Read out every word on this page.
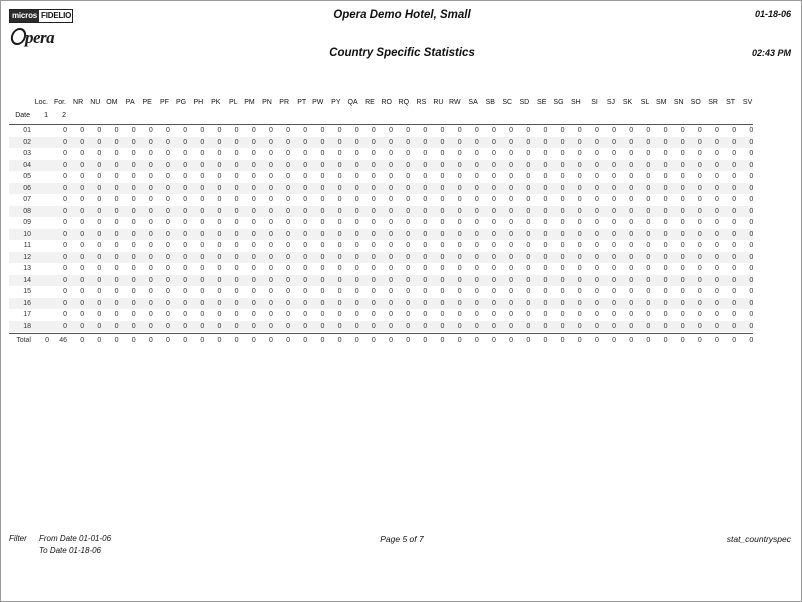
micros FIDELIO
pera
Opera Demo Hotel, Small
Country Specific Statistics
01-18-06
02:43 PM
	Loc.	For.	NR	NU	OM	PA	PE	PF	PG	PH	PK	PL	PM	PN	PR	PT	PW	PY	QA	RE	RO	RQ	RS	RU	RW	SA	SB	SC	SD	SE	SG	SH	SI	SJ	SK	SL	SM	SN	SO	SR	ST	SV
Date	1	2																																								

01		0	0	0	0	0	0	0	0	0	0	0	0	0	0	0	0	0	0	0	0	0	0	0	0	0	0	0	0	0	0	0	0	0	0	0	0	0	0	0	0	0
02		0	0	0	0	0	0	0	0	0	0	0	0	0	0	0	0	0	0	0	0	0	0	0	0	0	0	0	0	0	0	0	0	0	0	0	0	0	0	0	0	0
03		0	0	0	0	0	0	0	0	0	0	0	0	0	0	0	0	0	0	0	0	0	0	0	0	0	0	0	0	0	0	0	0	0	0	0	0	0	0	0	0	0
04		0	0	0	0	0	0	0	0	0	0	0	0	0	0	0	0	0	0	0	0	0	0	0	0	0	0	0	0	0	0	0	0	0	0	0	0	0	0	0	0	0
05		0	0	0	0	0	0	0	0	0	0	0	0	0	0	0	0	0	0	0	0	0	0	0	0	0	0	0	0	0	0	0	0	0	0	0	0	0	0	0	0	0
06		0	0	0	0	0	0	0	0	0	0	0	0	0	0	0	0	0	0	0	0	0	0	0	0	0	0	0	0	0	0	0	0	0	0	0	0	0	0	0	0	0
07		0	0	0	0	0	0	0	0	0	0	0	0	0	0	0	0	0	0	0	0	0	0	0	0	0	0	0	0	0	0	0	0	0	0	0	0	0	0	0	0	0
08		0	0	0	0	0	0	0	0	0	0	0	0	0	0	0	0	0	0	0	0	0	0	0	0	0	0	0	0	0	0	0	0	0	0	0	0	0	0	0	0	0
09		0	0	0	0	0	0	0	0	0	0	0	0	0	0	0	0	0	0	0	0	0	0	0	0	0	0	0	0	0	0	0	0	0	0	0	0	0	0	0	0	0
10		0	0	0	0	0	0	0	0	0	0	0	0	0	0	0	0	0	0	0	0	0	0	0	0	0	0	0	0	0	0	0	0	0	0	0	0	0	0	0	0	0
11		0	0	0	0	0	0	0	0	0	0	0	0	0	0	0	0	0	0	0	0	0	0	0	0	0	0	0	0	0	0	0	0	0	0	0	0	0	0	0	0	0
12		0	0	0	0	0	0	0	0	0	0	0	0	0	0	0	0	0	0	0	0	0	0	0	0	0	0	0	0	0	0	0	0	0	0	0	0	0	0	0	0	0
13		0	0	0	0	0	0	0	0	0	0	0	0	0	0	0	0	0	0	0	0	0	0	0	0	0	0	0	0	0	0	0	0	0	0	0	0	0	0	0	0	0
14		0	0	0	0	0	0	0	0	0	0	0	0	0	0	0	0	0	0	0	0	0	0	0	0	0	0	0	0	0	0	0	0	0	0	0	0	0	0	0	0	0
15		0	0	0	0	0	0	0	0	0	0	0	0	0	0	0	0	0	0	0	0	0	0	0	0	0	0	0	0	0	0	0	0	0	0	0	0	0	0	0	0	0
16		0	0	0	0	0	0	0	0	0	0	0	0	0	0	0	0	0	0	0	0	0	0	0	0	0	0	0	0	0	0	0	0	0	0	0	0	0	0	0	0	0
17		0	0	0	0	0	0	0	0	0	0	0	0	0	0	0	0	0	0	0	0	0	0	0	0	0	0	0	0	0	0	0	0	0	0	0	0	0	0	0	0	0
18		0	0	0	0	0	0	0	0	0	0	0	0	0	0	0	0	0	0	0	0	0	0	0	0	0	0	0	0	0	0	0	0	0	0	0	0	0	0	0	0	0

Total	0	46	0	0	0	0	0	0	0	0	0	0	0	0	0	0	0	0	0	0	0	0	0	0	0	0	0	0	0	0	0	0	0	0	0	0	0	0	0	0	0	0
Filter From Date 01-01-06
To Date 01-18-06
Page 5 of 7	stat_countryspec
